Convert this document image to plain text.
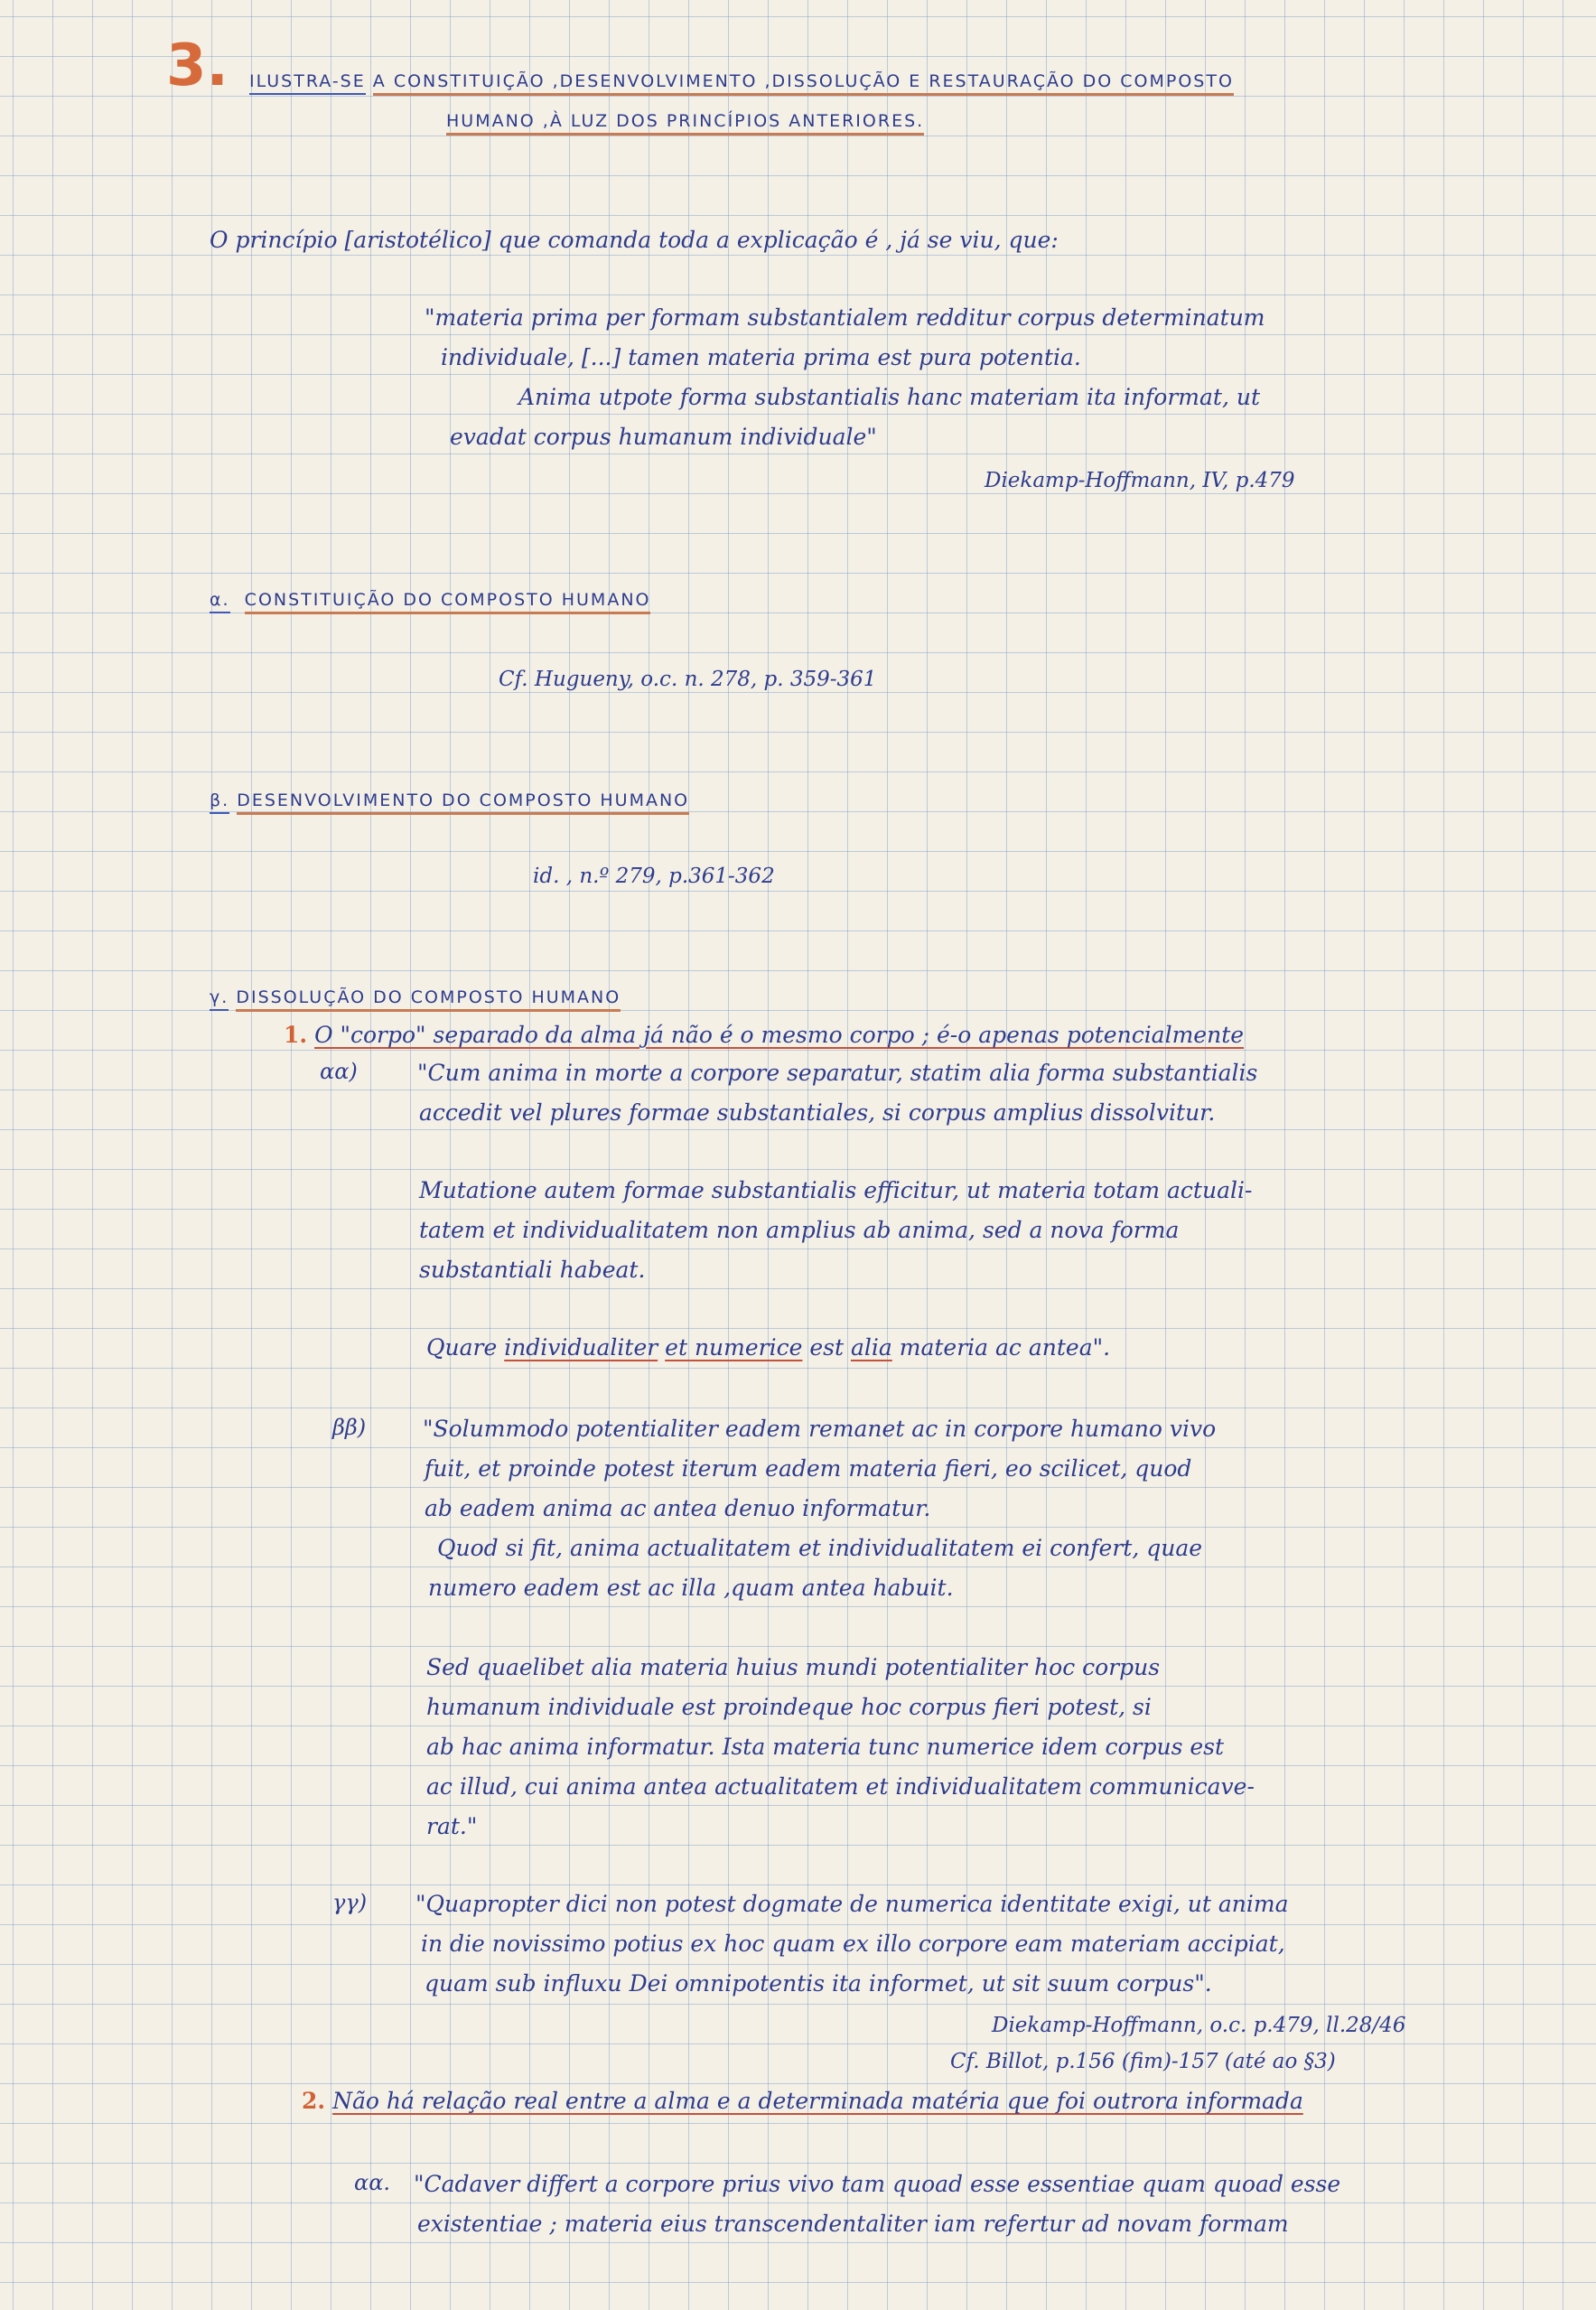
3. ILUSTRA-SE A CONSTITUIÇÃO ,DESENVOLVIMENTO ,DISSOLUÇÃO E RESTAURAÇÃO DO COMPOSTO
HUMANO ,À LUZ DOS PRINCÍPIOS ANTERIORES.
O princípio [aristotélico] que comanda toda a explicação é , já se viu, que:
"materia prima per formam substantialem redditur corpus determinatum
individuale, [...] tamen materia prima est pura potentia.
Anima utpote forma substantialis hanc materiam ita informat, ut
evadat corpus humanum individuale"
Diekamp-Hoffmann, IV, p.479
α. CONSTITUIÇÃO DO COMPOSTO HUMANO
Cf. Hugueny, o.c. n. 278, p. 359-361
β. DESENVOLVIMENTO DO COMPOSTO HUMANO
id. , n.º 279, p.361-362
γ. DISSOLUÇÃO DO COMPOSTO HUMANO
1. O "corpo" separado da alma já não é o mesmo corpo ; é-o apenas potencialmente
αα)	"Cum anima in morte a corpore separatur, statim alia forma substantialis
accedit vel plures formae substantiales, si corpus amplius dissolvitur.
Mutatione autem formae substantialis efficitur, ut materia totam actuali-
tatem et individualitatem non amplius ab anima, sed a nova forma
substantiali habeat.
Quare individualiter et numerice est alia materia ac antea".
ββ)	"Solummodo potentialiter eadem remanet ac in corpore humano vivo
fuit, et proinde potest iterum eadem materia fieri, eo scilicet, quod
ab eadem anima ac antea denuo informatur.
Quod si fit, anima actualitatem et individualitatem ei confert, quae
numero eadem est ac illa ,quam antea habuit.
Sed quaelibet alia materia huius mundi potentialiter hoc corpus
humanum individuale est proindeque hoc corpus fieri potest, si
ab hac anima informatur. Ista materia tunc numerice idem corpus est
ac illud, cui anima antea actualitatem et individualitatem communicave-
rat."
γγ) "Quapropter dici non potest dogmate de numerica identitate exigi, ut anima
in die novissimo potius ex hoc quam ex illo corpore eam materiam accipiat,
quam sub influxu Dei omnipotentis ita informet, ut sit suum corpus".
Diekamp-Hoffmann, o.c. p.479, ll.28/46
Cf. Billot, p.156 (fim)-157 (até ao §3)
2. Não há relação real entre a alma e a determinada matéria que foi outrora informada
αα. "Cadaver differt a corpore prius vivo tam quoad esse essentiae quam quoad esse
existentiae ; materia eius transcendentaliter iam refertur ad novam formam
